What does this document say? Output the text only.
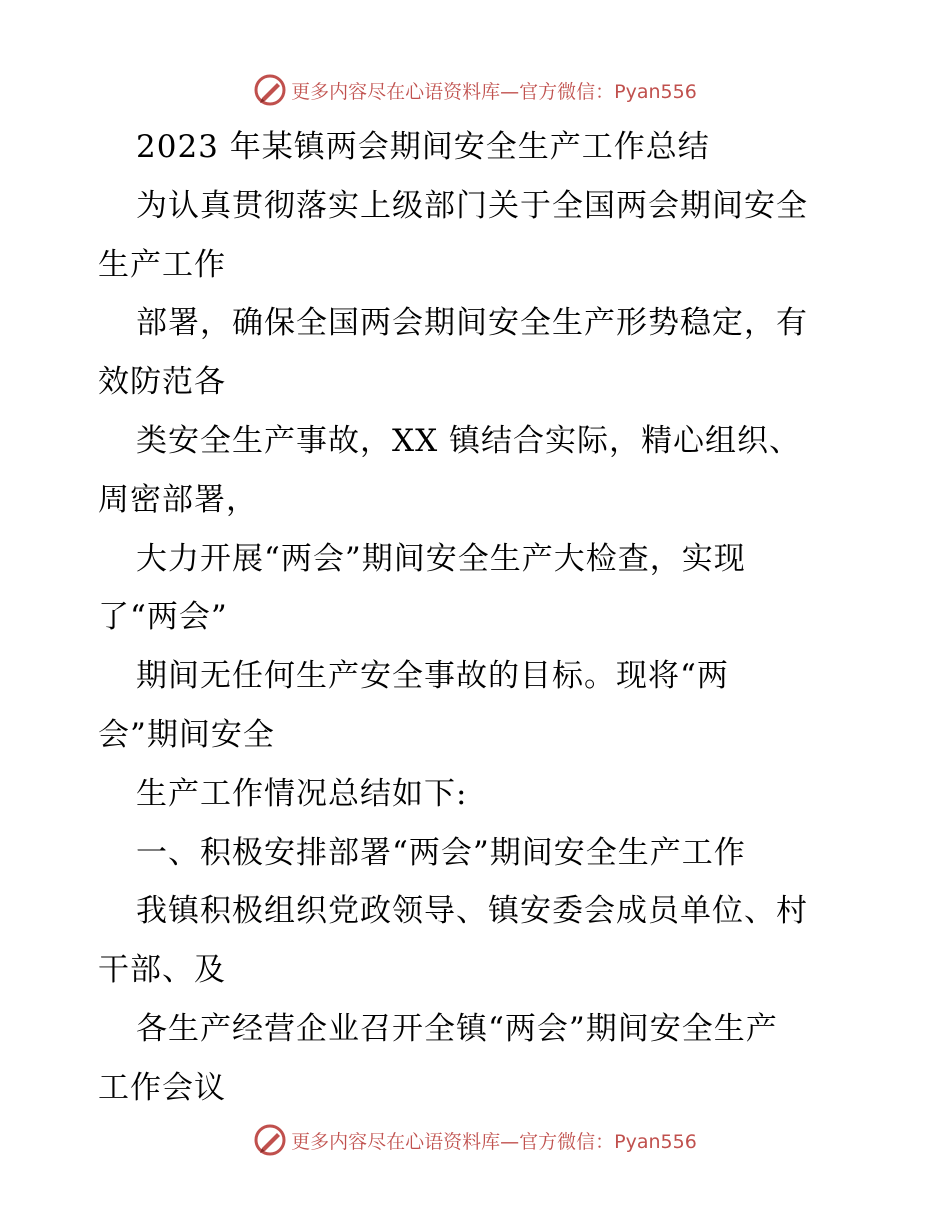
更多内容尽在心语资料库—官方微信：Pyan556
2023 年某镇两会期间安全生产工作总结
为认真贯彻落实上级部门关于全国两会期间安全
生产工作
部署，确保全国两会期间安全生产形势稳定，有
效防范各
类安全生产事故，XX 镇结合实际，精心组织、
周密部署，
大力开展“两会”期间安全生产大检查，实现
了“两会”
期间无任何生产安全事故的目标。现将“两
会”期间安全
生产工作情况总结如下:
一、积极安排部署“两会”期间安全生产工作
我镇积极组织党政领导、镇安委会成员单位、村
干部、及
各生产经营企业召开全镇“两会”期间安全生产
工作会议
更多内容尽在心语资料库—官方微信：Pyan556
